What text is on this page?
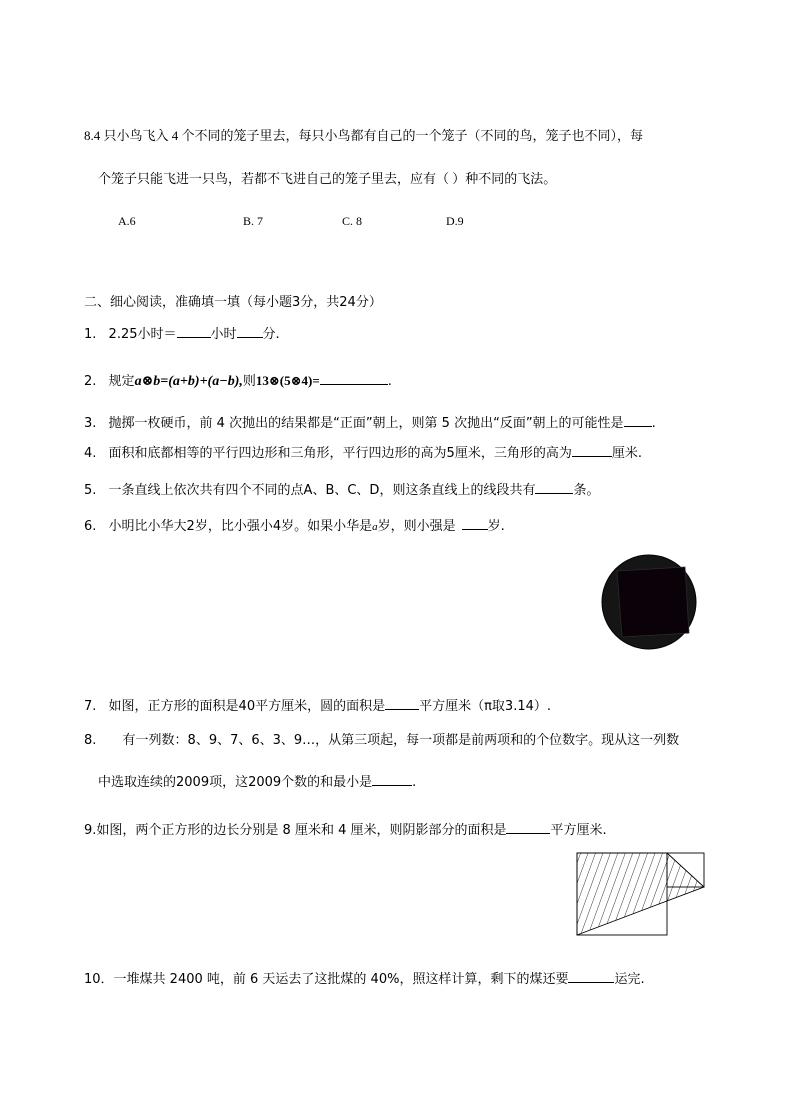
8.4 只小鸟飞入 4 个不同的笼子里去，每只小鸟都有自己的一个笼子（不同的鸟，笼子也不同），每
个笼子只能飞进一只鸟，若都不飞进自己的笼子里去，应有（ ）种不同的飞法。
A.6	B. 7	C. 8	D.9
二、细心阅读，准确填一填（每小题3分，共24分）
1. 2.25小时＝	小时 分.
2. 规定a⊗b=(a+b)+(a−b),则13⊗(5⊗4)=	.
3. 抛掷一枚硬币，前 4 次抛出的结果都是“正面”朝上，则第 5 次抛出“反面”朝上的可能性是 .
4. 面积和底都相等的平行四边形和三角形，平行四边形的高为5厘米，三角形的高为	厘米.
5. 一条直线上依次共有四个不同的点A、B、C、D，则这条直线上的线段共有	条。
6. 小明比小华大2岁，比小强小4岁。如果小华是a岁，则小强是 岁.
7. 如图，正方形的面积是40平方厘米，圆的面积是	平方厘米（π取3.14）.
8. 有一列数：8、9、7、6、3、9…，从第三项起，每一项都是前两项和的个位数字。现从这一列数
中选取连续的2009项，这2009个数的和最小是	.
9.如图，两个正方形的边长分别是 8 厘米和 4 厘米，则阴影部分的面积是	平方厘米.
10．一堆煤共 2400 吨，前 6 天运去了这批煤的 40%，照这样计算，剩下的煤还要	运完.
